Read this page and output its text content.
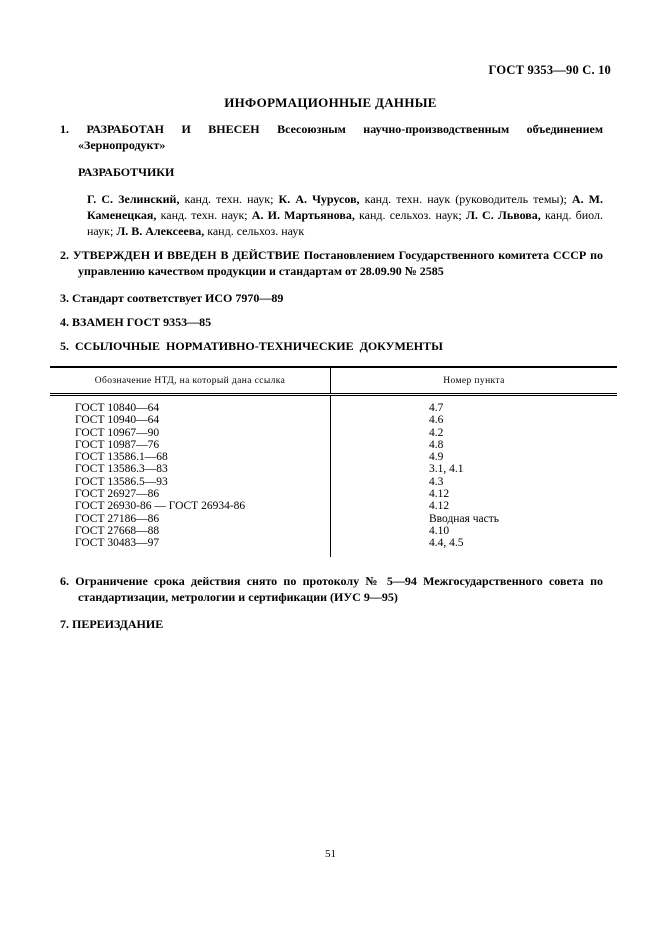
ГОСТ 9353—90 С. 10
ИНФОРМАЦИОННЫЕ ДАННЫЕ

1. РАЗРАБОТАН И ВНЕСЕН Всесоюзным научно-производственным объединением «Зернопродукт»

РАЗРАБОТЧИКИ

Г. С. Зелинский, канд. техн. наук; К. А. Чурусов, канд. техн. наук (руководитель темы); А. М. Каменецкая, канд. техн. наук; А. И. Мартьянова, канд. сельхоз. наук; Л. С. Львова, канд. биол. наук; Л. В. Алексеева, канд. сельхоз. наук

2. УТВЕРЖДЕН И ВВЕДЕН В ДЕЙСТВИЕ Постановлением Государственного комитета СССР по управлению качеством продукции и стандартам от 28.09.90 № 2585

3. Стандарт соответствует ИСО 7970—89

4. ВЗАМЕН ГОСТ 9353—85

5. ССЫЛОЧНЫЕ НОРМАТИВНО-ТЕХНИЧЕСКИЕ ДОКУМЕНТЫ

Обозначение НТД, на который дана ссылка	Номер пункта
ГОСТ 10840—64	4.7
ГОСТ 10940—64	4.6
ГОСТ 10967—90	4.2
ГОСТ 10987—76	4.8
ГОСТ 13586.1—68	4.9
ГОСТ 13586.3—83	3.1, 4.1
ГОСТ 13586.5—93	4.3
ГОСТ 26927—86	4.12
ГОСТ 26930-86 — ГОСТ 26934-86	4.12
ГОСТ 27186—86	Вводная часть
ГОСТ 27668—88	4.10
ГОСТ 30483—97	4.4, 4.5

6. Ограничение срока действия снято по протоколу № 5—94 Межгосударственного совета по стандартизации, метрологии и сертификации (ИУС 9—95)

7. ПЕРЕИЗДАНИЕ

51
